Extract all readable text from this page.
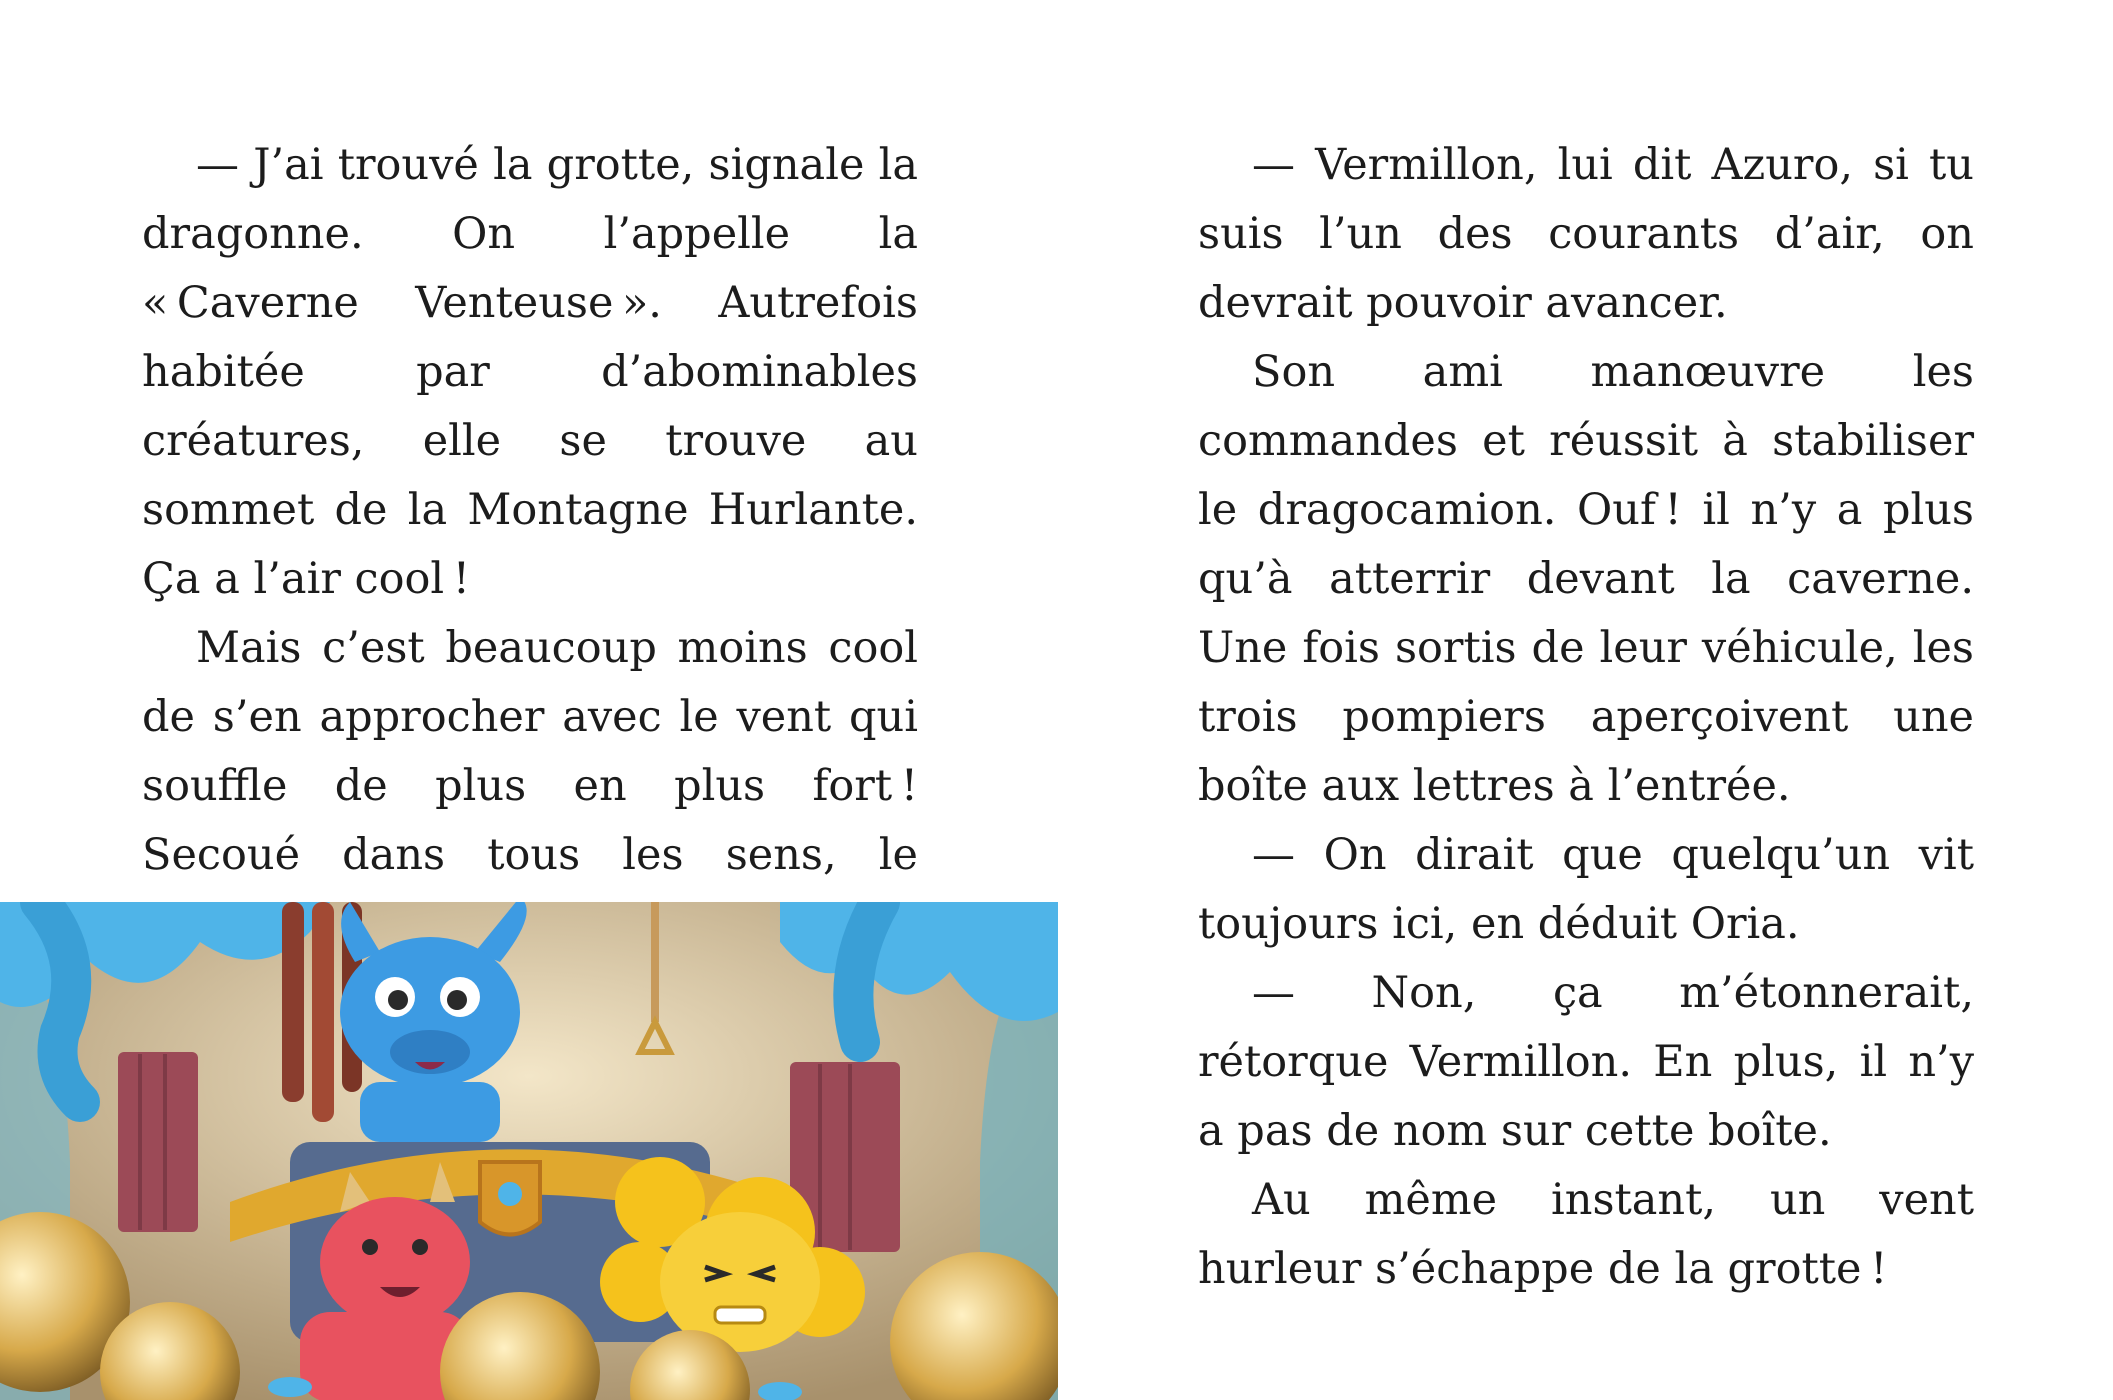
— J’ai trouvé la grotte, signale la dragonne. On l’appelle la « Caverne Venteuse ». Autrefois habitée par d’abominables créatures, elle se trouve au sommet de la Montagne Hurlante. Ça a l’air cool !

Mais c’est beaucoup moins cool de s’en approcher avec le vent qui souffle de plus en plus fort ! Secoué dans tous les sens, le

— Vermillon, lui dit Azuro, si tu suis l’un des courants d’air, on devrait pouvoir avancer.

Son ami manœuvre les commandes et réussit à stabiliser le dragocamion. Ouf ! il n’y a plus qu’à atterrir devant la caverne. Une fois sortis de leur véhicule, les trois pompiers aperçoivent une boîte aux lettres à l’entrée.

— On dirait que quelqu’un vit toujours ici, en déduit Oria.

— Non, ça m’étonnerait, rétorque Vermillon. En plus, il n’y a pas de nom sur cette boîte.

Au même instant, un vent hurleur s’échappe de la grotte !
